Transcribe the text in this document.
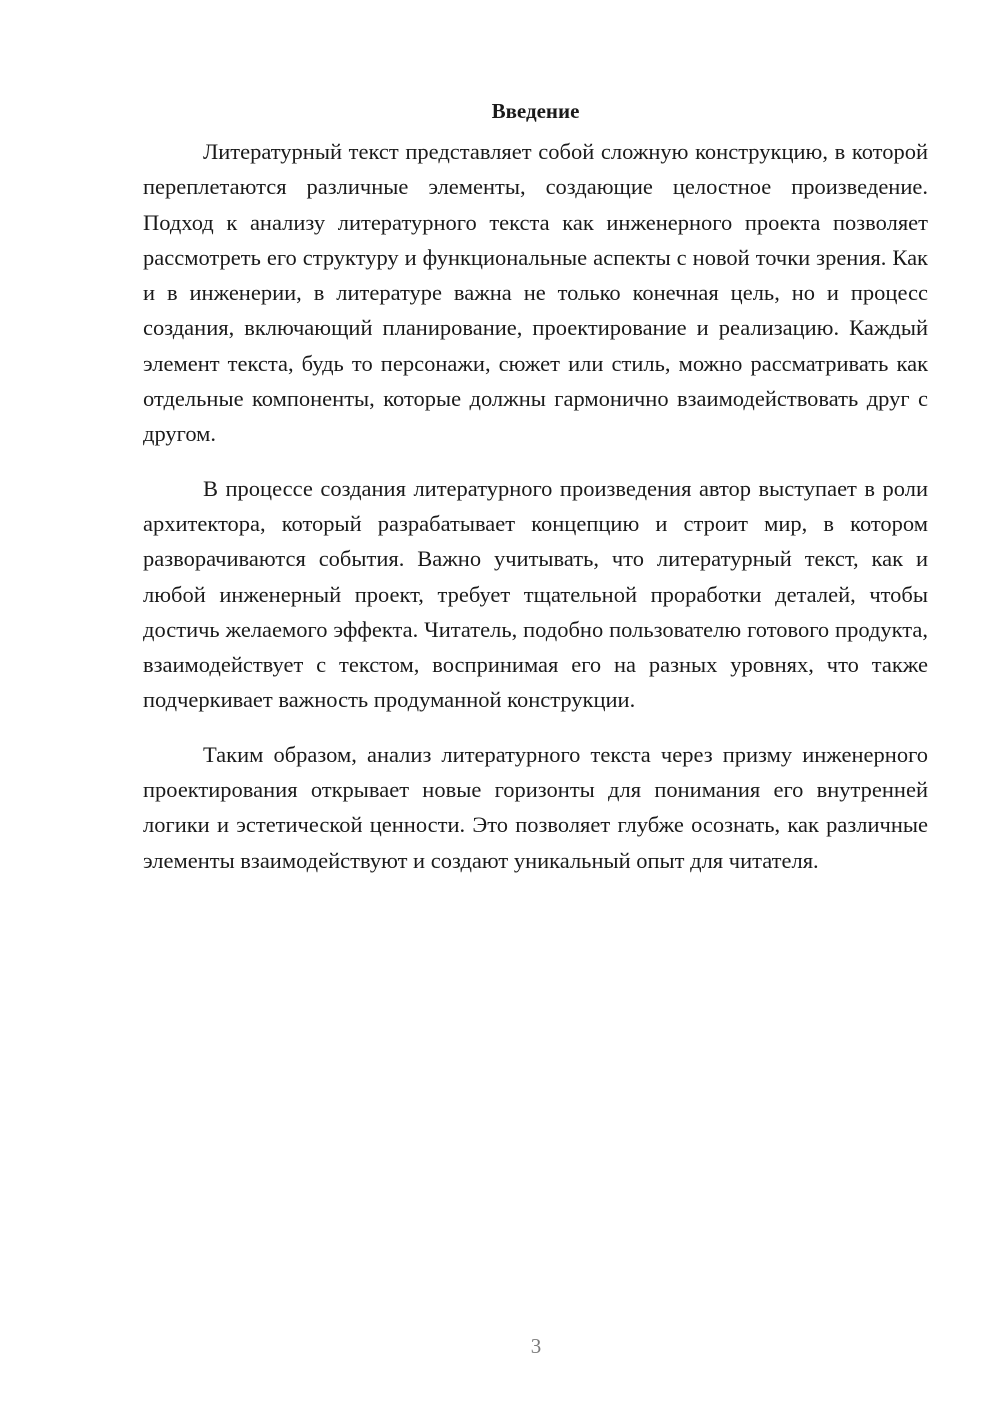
Введение

Литературный текст представляет собой сложную конструкцию, в которой переплетаются различные элементы, создающие целостное произведение. Подход к анализу литературного текста как инженерного проекта позволяет рассмотреть его структуру и функциональные аспекты с новой точки зрения. Как и в инженерии, в литературе важна не только конечная цель, но и процесс создания, включающий планирование, проектирование и реализацию. Каждый элемент текста, будь то персонажи, сюжет или стиль, можно рассматривать как отдельные компоненты, которые должны гармонично взаимодействовать друг с другом.

В процессе создания литературного произведения автор выступает в роли архитектора, который разрабатывает концепцию и строит мир, в котором разворачиваются события. Важно учитывать, что литературный текст, как и любой инженерный проект, требует тщательной проработки деталей, чтобы достичь желаемого эффекта. Читатель, подобно пользователю готового продукта, взаимодействует с текстом, воспринимая его на разных уровнях, что также подчеркивает важность продуманной конструкции.

Таким образом, анализ литературного текста через призму инженерного проектирования открывает новые горизонты для понимания его внутренней логики и эстетической ценности. Это позволяет глубже осознать, как различные элементы взаимодействуют и создают уникальный опыт для читателя.

3
